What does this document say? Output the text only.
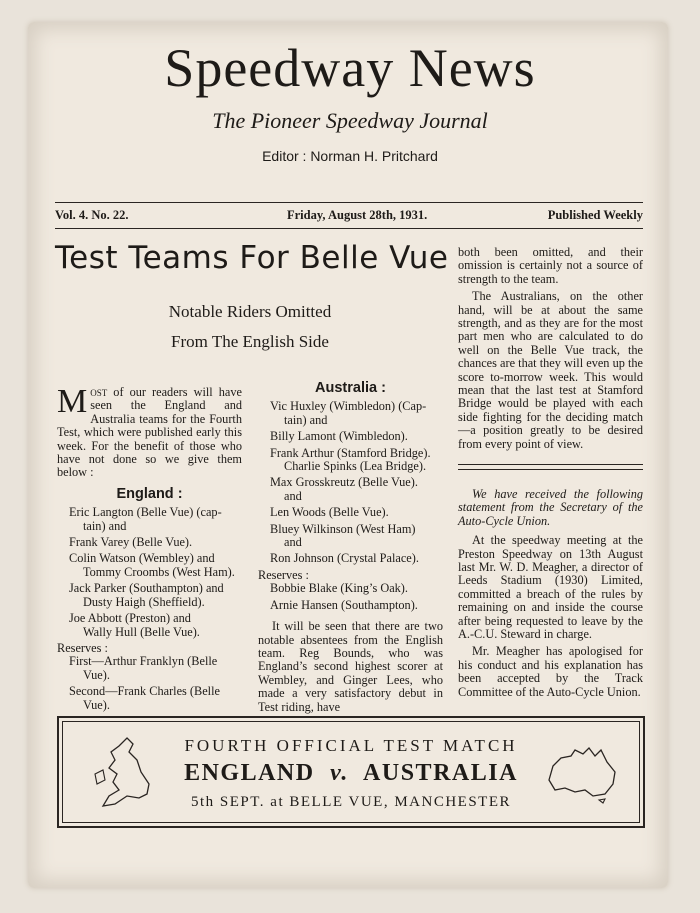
Speedway News
The Pioneer Speedway Journal
Editor : Norman H. Pritchard
Vol. 4. No. 22.	Friday, August 28th, 1931.	Published Weekly
Test Teams For Belle Vue
Notable Riders Omitted
From The English Side

Most of our readers will have seen the England and Australia teams for the Fourth Test, which were published early this week. For the benefit of those who have not done so we give them below :

England :
Eric Langton (Belle Vue) (cap-
tain) and
Frank Varey (Belle Vue).
Colin Watson (Wembley) and
Tommy Croombs (West Ham).
Jack Parker (Southampton) and
Dusty Haigh (Sheffield).
Joe Abbott (Preston) and
Wally Hull (Belle Vue).
Reserves :
First—Arthur Franklyn (Belle
Vue).
Second—Frank Charles (Belle
Vue).
Australia :
Vic Huxley (Wimbledon) (Cap-
tain) and
Billy Lamont (Wimbledon).
Frank Arthur (Stamford Bridge).
Charlie Spinks (Lea Bridge).
Max Grosskreutz (Belle Vue).
and
Len Woods (Belle Vue).
Bluey Wilkinson (West Ham)
and
Ron Johnson (Crystal Palace).
Reserves :
Bobbie Blake (King’s Oak).
Arnie Hansen (Southampton).

It will be seen that there are two notable absentees from the English team. Reg Bounds, who was England’s second highest scorer at Wembley, and Ginger Lees, who made a very satisfactory debut in Test riding, have

both been omitted, and their omission is certainly not a source of strength to the team.

The Australians, on the other hand, will be at about the same strength, and as they are for the most part men who are calculated to do well on the Belle Vue track, the chances are that they will even up the score to-morrow week. This would mean that the last test at Stamford Bridge would be played with each side fighting for the deciding match—a position greatly to be desired from every point of view.

We have received the following statement from the Secretary of the Auto-Cycle Union.

At the speedway meeting at the Preston Speedway on 13th August last Mr. W. D. Meagher, a director of Leeds Stadium (1930) Limited, committed a breach of the rules by remaining on and inside the course after being requested to leave by the A.-C.U. Steward in charge.

Mr. Meagher has apologised for his conduct and his explanation has been accepted by the Track Committee of the Auto-Cycle Union.

FOURTH OFFICIAL TEST MATCH
ENGLAND v. AUSTRALIA
5th SEPT. at BELLE VUE, MANCHESTER
